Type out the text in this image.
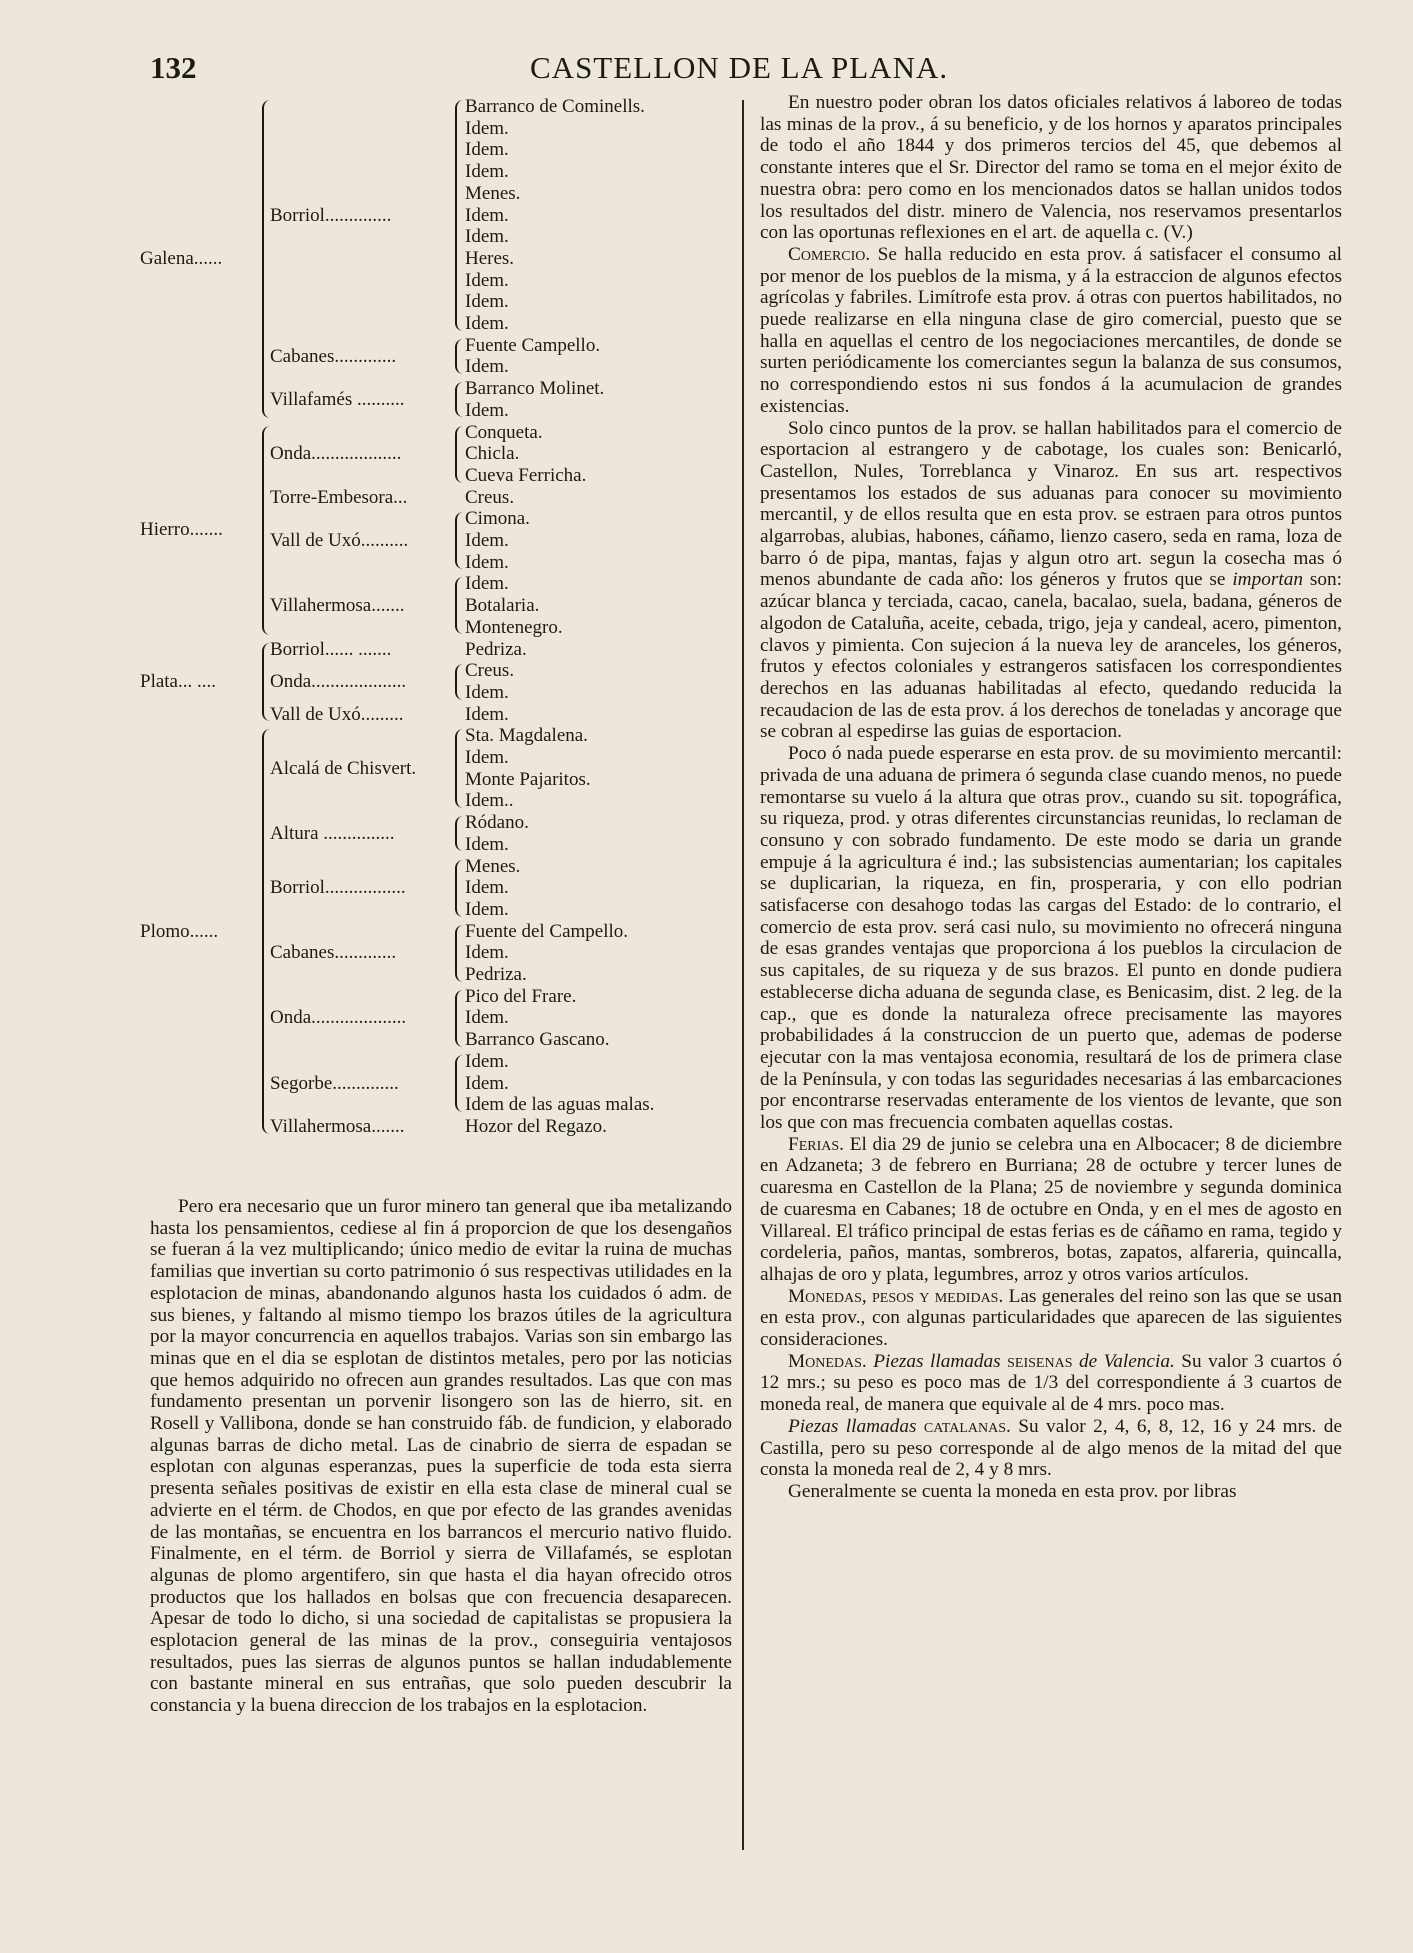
132	CASTELLON DE LA PLANA.
Barranco de Cominells.
Idem.
Idem.
Idem.
Menes.
Idem.
Idem.
Heres.
Idem.
Idem.
Idem.
Borriol..............
Fuente Campello.
Idem.
Cabanes.............
Barranco Molinet.
Idem.
Villafamés ..........
Galena......
Conqueta.
Chicla.
Cueva Ferricha.
Onda...................
Creus.
Torre-Embesora...
Cimona.
Idem.
Idem.
Vall de Uxó..........
Idem.
Botalaria.
Montenegro.
Villahermosa.......
Hierro.......
Pedriza.
Borriol...... .......
Creus.
Idem.
Onda....................
Idem.
Vall de Uxó.........
Plata... ....
Sta. Magdalena.
Idem.
Monte Pajaritos.
Idem..
Alcalá de Chisvert.
Ródano.
Idem.
Altura ...............
Menes.
Idem.
Idem.
Borriol.................
Fuente del Campello.
Idem.
Pedriza.
Cabanes.............
Pico del Frare.
Idem.
Barranco Gascano.
Onda....................
Idem.
Idem.
Idem de las aguas malas.
Segorbe..............
Hozor del Regazo.
Villahermosa.......
Plomo......

Pero era necesario que un furor minero tan general que iba metalizando hasta los pensamientos, cediese al fin á proporcion de que los desengaños se fueran á la vez multiplicando; único medio de evitar la ruina de muchas familias que invertian su corto patrimonio ó sus respectivas utilidades en la esplotacion de minas, abandonando algunos hasta los cuidados ó adm. de sus bienes, y faltando al mismo tiempo los brazos útiles de la agricultura por la mayor concurrencia en aquellos trabajos. Varias son sin embargo las minas que en el dia se esplotan de distintos metales, pero por las noticias que hemos adquirido no ofrecen aun grandes resultados. Las que con mas fundamento presentan un porvenir lisongero son las de hierro, sit. en Rosell y Vallibona, donde se han construido fáb. de fundicion, y elaborado algunas barras de dicho metal. Las de cinabrio de sierra de espadan se esplotan con algunas esperanzas, pues la superficie de toda esta sierra presenta señales positivas de existir en ella esta clase de mineral cual se advierte en el térm. de Chodos, en que por efecto de las grandes avenidas de las montañas, se encuentra en los barrancos el mercurio nativo fluido. Finalmente, en el térm. de Borriol y sierra de Villafamés, se esplotan algunas de plomo argentifero, sin que hasta el dia hayan ofrecido otros productos que los hallados en bolsas que con frecuencia desaparecen. Apesar de todo lo dicho, si una sociedad de capitalistas se propusiera la esplotacion general de las minas de la prov., conseguiria ventajosos resultados, pues las sierras de algunos puntos se hallan indudablemente con bastante mineral en sus entrañas, que solo pueden descubrir la constancia y la buena direccion de los trabajos en la esplotacion.

En nuestro poder obran los datos oficiales relativos á laboreo de todas las minas de la prov., á su beneficio, y de los hornos y aparatos principales de todo el año 1844 y dos primeros tercios del 45, que debemos al constante interes que el Sr. Director del ramo se toma en el mejor éxito de nuestra obra: pero como en los mencionados datos se hallan unidos todos los resultados del distr. minero de Valencia, nos reservamos presentarlos con las oportunas reflexiones en el art. de aquella c. (V.)

Comercio. Se halla reducido en esta prov. á satisfacer el consumo al por menor de los pueblos de la misma, y á la estraccion de algunos efectos agrícolas y fabriles. Limítrofe esta prov. á otras con puertos habilitados, no puede realizarse en ella ninguna clase de giro comercial, puesto que se halla en aquellas el centro de los negociaciones mercantiles, de donde se surten periódicamente los comerciantes segun la balanza de sus consumos, no correspondiendo estos ni sus fondos á la acumulacion de grandes existencias.

Solo cinco puntos de la prov. se hallan habilitados para el comercio de esportacion al estrangero y de cabotage, los cuales son: Benicarló, Castellon, Nules, Torreblanca y Vinaroz. En sus art. respectivos presentamos los estados de sus aduanas para conocer su movimiento mercantil, y de ellos resulta que en esta prov. se estraen para otros puntos algarrobas, alubias, habones, cáñamo, lienzo casero, seda en rama, loza de barro ó de pipa, mantas, fajas y algun otro art. segun la cosecha mas ó menos abundante de cada año: los géneros y frutos que se importan son: azúcar blanca y terciada, cacao, canela, bacalao, suela, badana, géneros de algodon de Cataluña, aceite, cebada, trigo, jeja y candeal, acero, pimenton, clavos y pimienta. Con sujecion á la nueva ley de aranceles, los géneros, frutos y efectos coloniales y estrangeros satisfacen los correspondientes derechos en las aduanas habilitadas al efecto, quedando reducida la recaudacion de las de esta prov. á los derechos de toneladas y ancorage que se cobran al espedirse las guias de esportacion.

Poco ó nada puede esperarse en esta prov. de su movimiento mercantil: privada de una aduana de primera ó segunda clase cuando menos, no puede remontarse su vuelo á la altura que otras prov., cuando su sit. topográfica, su riqueza, prod. y otras diferentes circunstancias reunidas, lo reclaman de consuno y con sobrado fundamento. De este modo se daria un grande empuje á la agricultura é ind.; las subsistencias aumentarian; los capitales se duplicarian, la riqueza, en fin, prosperaria, y con ello podrian satisfacerse con desahogo todas las cargas del Estado: de lo contrario, el comercio de esta prov. será casi nulo, su movimiento no ofrecerá ninguna de esas grandes ventajas que proporciona á los pueblos la circulacion de sus capitales, de su riqueza y de sus brazos. El punto en donde pudiera establecerse dicha aduana de segunda clase, es Benicasim, dist. 2 leg. de la cap., que es donde la naturaleza ofrece precisamente las mayores probabilidades á la construccion de un puerto que, ademas de poderse ejecutar con la mas ventajosa economia, resultará de los de primera clase de la Península, y con todas las seguridades necesarias á las embarcaciones por encontrarse reservadas enteramente de los vientos de levante, que son los que con mas frecuencia combaten aquellas costas.

Ferias. El dia 29 de junio se celebra una en Albocacer; 8 de diciembre en Adzaneta; 3 de febrero en Burriana; 28 de octubre y tercer lunes de cuaresma en Castellon de la Plana; 25 de noviembre y segunda dominica de cuaresma en Cabanes; 18 de octubre en Onda, y en el mes de agosto en Villareal. El tráfico principal de estas ferias es de cáñamo en rama, tegido y cordeleria, paños, mantas, sombreros, botas, zapatos, alfareria, quincalla, alhajas de oro y plata, legumbres, arroz y otros varios artículos.

Monedas, pesos y medidas. Las generales del reino son las que se usan en esta prov., con algunas particularidades que aparecen de las siguientes consideraciones.

Monedas. Piezas llamadas seisenas de Valencia. Su valor 3 cuartos ó 12 mrs.; su peso es poco mas de 1/3 del correspondiente á 3 cuartos de moneda real, de manera que equivale al de 4 mrs. poco mas.

Piezas llamadas catalanas. Su valor 2, 4, 6, 8, 12, 16 y 24 mrs. de Castilla, pero su peso corresponde al de algo menos de la mitad del que consta la moneda real de 2, 4 y 8 mrs.

Generalmente se cuenta la moneda en esta prov. por libras
